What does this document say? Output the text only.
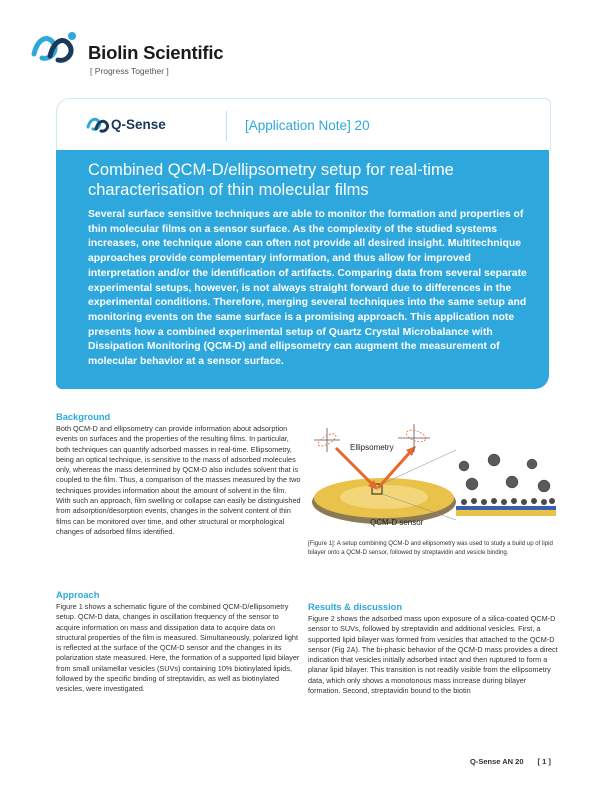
Biolin Scientific
[ Progress Together ]
Q-Sense	[Application Note] 20
Combined QCM-D/ellipsometry setup for real-time characterisation of thin molecular films

Several surface sensitive techniques are able to monitor the formation and properties of thin molecular films on a sensor surface. As the complexity of the studied systems increases, one technique alone can often not provide all desired insight. Multitechnique approaches provide complementary information, and thus allow for improved interpretation and/or the identification of artifacts. Comparing data from several separate experimental setups, however, is not always straight forward due to differences in the experimental conditions. Therefore, merging several techniques into the same setup and monitoring events on the same surface is a promising approach. This application note presents how a combined experimental setup of Quartz Crystal Microbalance with Dissipation Monitoring (QCM-D) and ellipsometry can augment the measurement of molecular behavior at a sensor surface.

Background

Both QCM-D and ellipsometry can provide information about adsorption events on surfaces and the properties of the resulting films. In particular, both techniques can quantify adsorbed masses in real-time. Ellipsometry, being an optical technique, is sensitive to the mass of adsorbed molecules only, whereas the mass determined by QCM-D also includes solvent that is coupled to the film. Thus, a comparison of the masses measured by the two techniques provides information about the amount of solvent in the film. With such an approach, film swelling or collapse can easily be distinguished from adsorption/desorption events, changes in the solvent content of thin films can be monitored over time, and other structural or morphological changes of adsorbed films identified.

Ellipsometry
QCM-D sensor

[Figure 1]: A setup combining QCM-D and ellipsometry was used to study a build up of lipid bilayer onto a QCM-D sensor, followed by streptavidin and vesicle binding.

Approach

Figure 1 shows a schematic figure of the combined QCM-D/ellipsometry setup. QCM-D data, changes in oscillation frequency of the sensor to acquire information on mass and dissipation data to acquire data on structural properties of the film is measured. Simultaneously, polarized light is reflected at the surface of the QCM-D sensor and the changes in its polarization state measured. Here, the formation of a supported lipid bilayer from small unilamellar vesicles (SUVs) containing 10% biotinylated lipids, followed by the specific binding of streptavidin, as well as biotinylated vesicles, were investigated.

Results & discussion

Figure 2 shows the adsorbed mass upon exposure of a silica-coated QCM-D sensor to SUVs, followed by streptavidin and additional vesicles. First, a supported lipid bilayer was formed from vesicles that attached to the QCM-D sensor (Fig 2A). The bi-phasic behavior of the QCM-D mass provides a direct indication that vesicles initially adsorbed intact and then ruptured to form a planar lipid bilayer. This transition is not readily visible from the ellipsometry data, which only shows a monotonous mass increase during bilayer formation. Second, streptavidin bound to the biotin

Q-Sense AN 20 [ 1 ]
